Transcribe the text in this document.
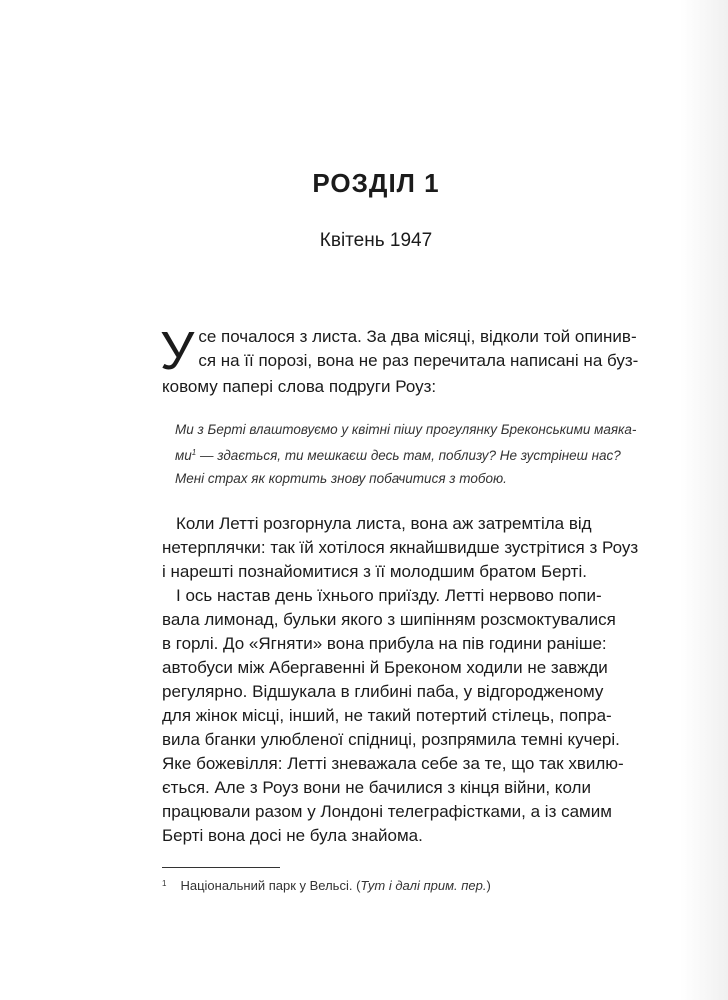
РОЗДІЛ 1
Квітень 1947
У се почалося з листа. За два місяці, відколи той опинив-
ся на її порозі, вона не раз перечитала написані на буз-
ковому папері слова подруги Роуз:
Ми з Берті влаштовуємо у квітні пішу прогулянку Бреконськими маяка-
ми$^1$ — здається, ти мешкаєш десь там, поблизу? Не зустрінеш нас?
Мені страх як кортить знову побачитися з тобою.
Коли Летті розгорнула листа, вона аж затремтіла від
нетерплячки: так їй хотілося якнайшвидше зустрітися з Роуз
і нарешті познайомитися з її молодшим братом Берті.
І ось настав день їхнього приїзду. Летті нервово попи-
вала лимонад, бульки якого з шипінням розсмоктувалися
в горлі. До «Ягняти» вона прибула на пів години раніше:
автобуси між Абергавенні й Бреконом ходили не завжди
регулярно. Відшукала в глибині паба, у відгородженому
для жінок місці, інший, не такий потертий стілець, попра-
вила бганки улюбленої спідниці, розпрямила темні кучері.
Яке божевілля: Летті зневажала себе за те, що так хвилю-
ється. Але з Роуз вони не бачилися з кінця війни, коли
працювали разом у Лондоні телеграфістками, а із самим
Берті вона досі не була знайома.
$^1$ Національний парк у Вельсі. (Тут і далі прим. пер.)
